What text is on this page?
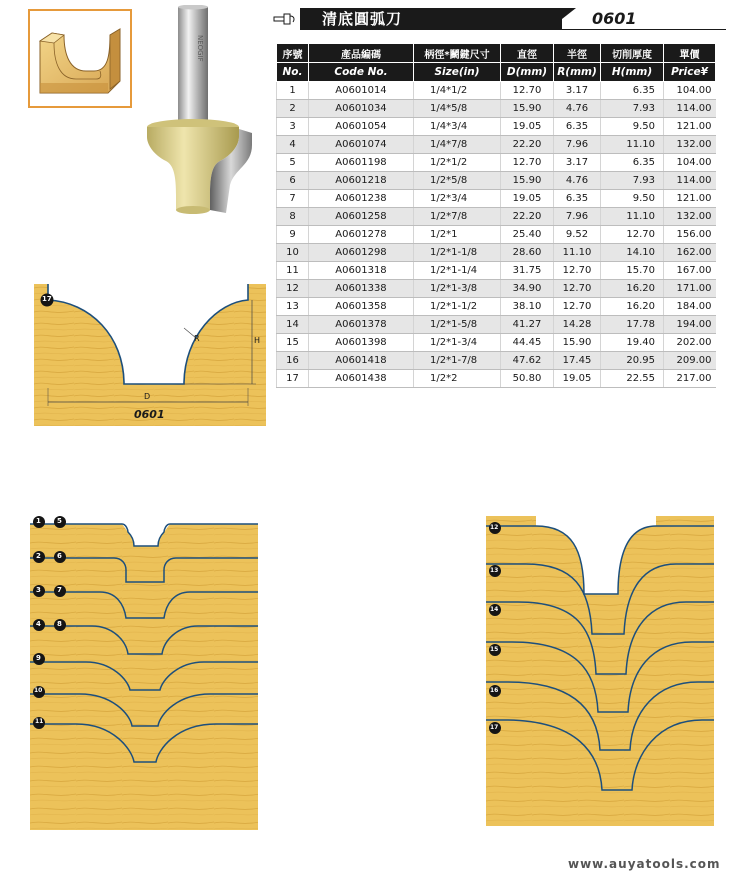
NEOGIF
清底圓弧刀	0601
序號	產品編碼	柄徑*鬭鍵尺寸	直徑	半徑	切削厚度	單價
No.	Code No.	Size(in)	D(mm)	R(mm)	H(mm)	Price¥
1	A0601014	1/4*1/2	12.70	3.17	6.35	104.00
2	A0601034	1/4*5/8	15.90	4.76	7.93	114.00
3	A0601054	1/4*3/4	19.05	6.35	9.50	121.00
4	A0601074	1/4*7/8	22.20	7.96	11.10	132.00
5	A0601198	1/2*1/2	12.70	3.17	6.35	104.00
6	A0601218	1/2*5/8	15.90	4.76	7.93	114.00
7	A0601238	1/2*3/4	19.05	6.35	9.50	121.00
8	A0601258	1/2*7/8	22.20	7.96	11.10	132.00
9	A0601278	1/2*1	25.40	9.52	12.70	156.00
10	A0601298	1/2*1-1/8	28.60	11.10	14.10	162.00
11	A0601318	1/2*1-1/4	31.75	12.70	15.70	167.00
12	A0601338	1/2*1-3/8	34.90	12.70	16.20	171.00
13	A0601358	1/2*1-1/2	38.10	12.70	16.20	184.00
14	A0601378	1/2*1-5/8	41.27	14.28	17.78	194.00
15	A0601398	1/2*1-3/4	44.45	15.90	19.40	202.00
16	A0601418	1/2*1-7/8	47.62	17.45	20.95	209.00
17	A0601438	1/2*2	50.80	19.05	22.55	217.00
17
R	H
D
0601
1 5
2 6
3 7
4 8
9
10
11
12
13
14
15
16
17
www.auyatools.com
